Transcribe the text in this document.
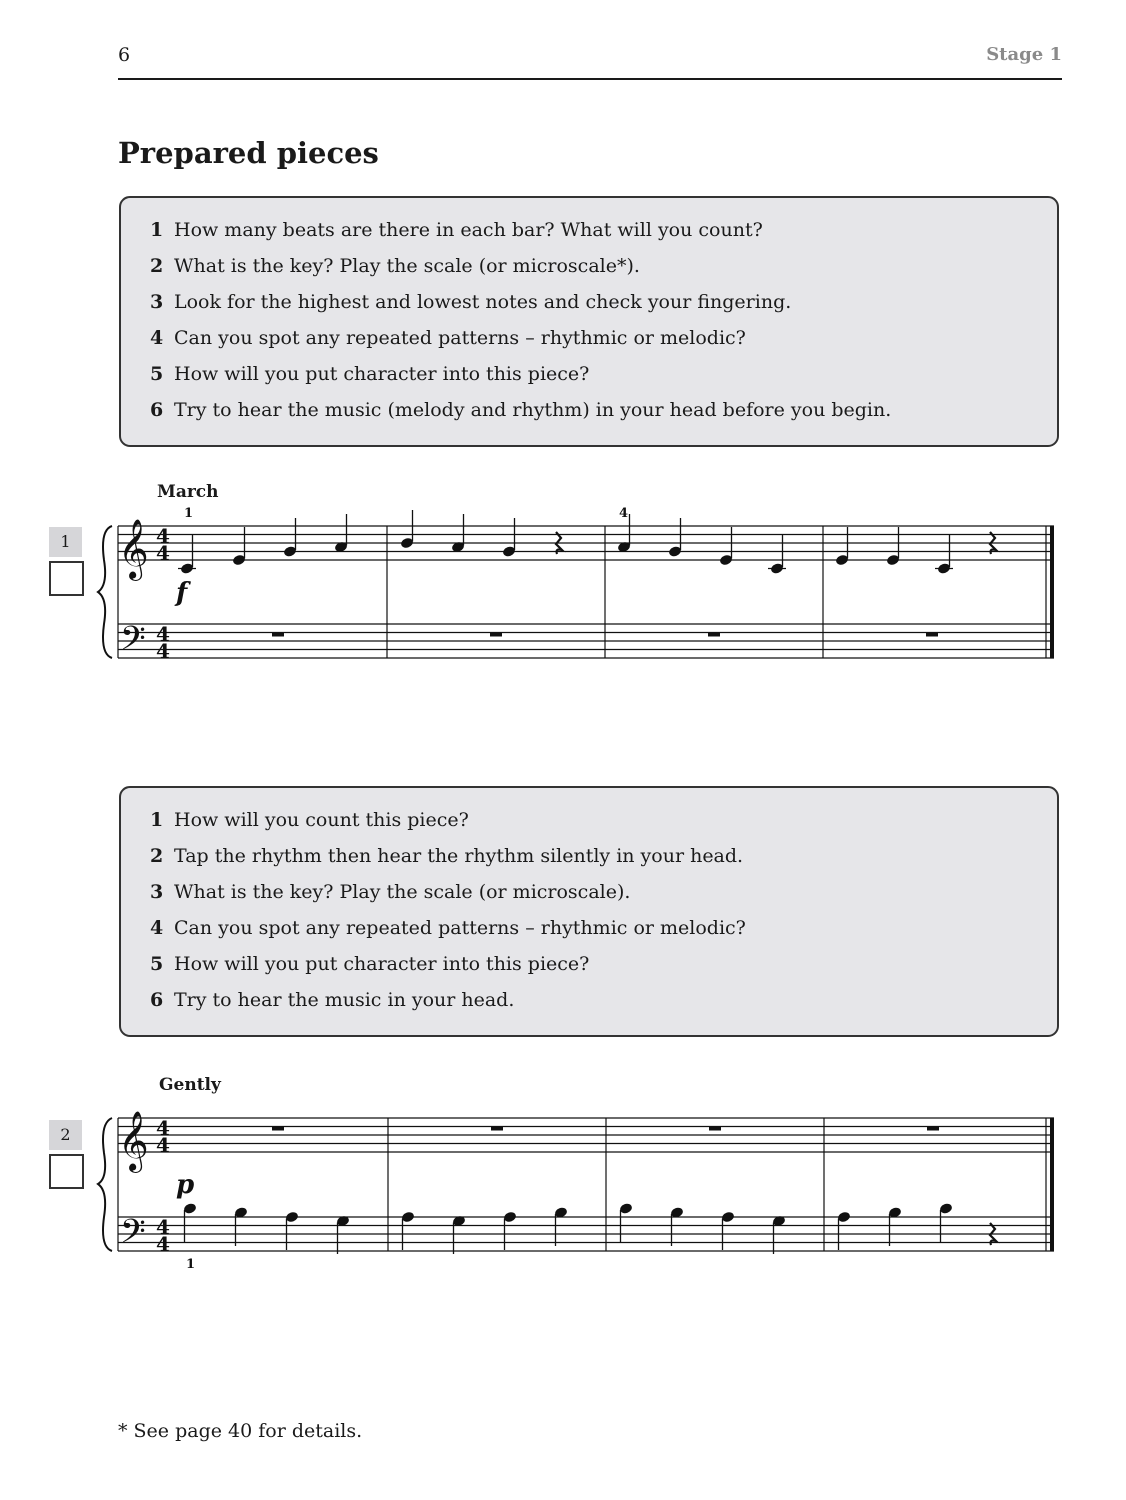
6	Stage 1
Prepared pieces
1 How many beats are there in each bar? What will you count?
2 What is the key? Play the scale (or microscale*).
3 Look for the highest and lowest notes and check your fingering.
4 Can you spot any repeated patterns – rhythmic or melodic?
5 How will you put character into this piece?
6 Try to hear the music (melody and rhythm) in your head before you begin.
March
1 𝄞
𝄢
4
4
4
4
1	4
f
1 How will you count this piece?
2 Tap the rhythm then hear the rhythm silently in your head.
3 What is the key? Play the scale (or microscale).
4 Can you spot any repeated patterns – rhythmic or melodic?
5 How will you put character into this piece?
6 Try to hear the music in your head.
Gently
2 𝄞
𝄢
4
4
4
4
p
1
* See page 40 for details.
